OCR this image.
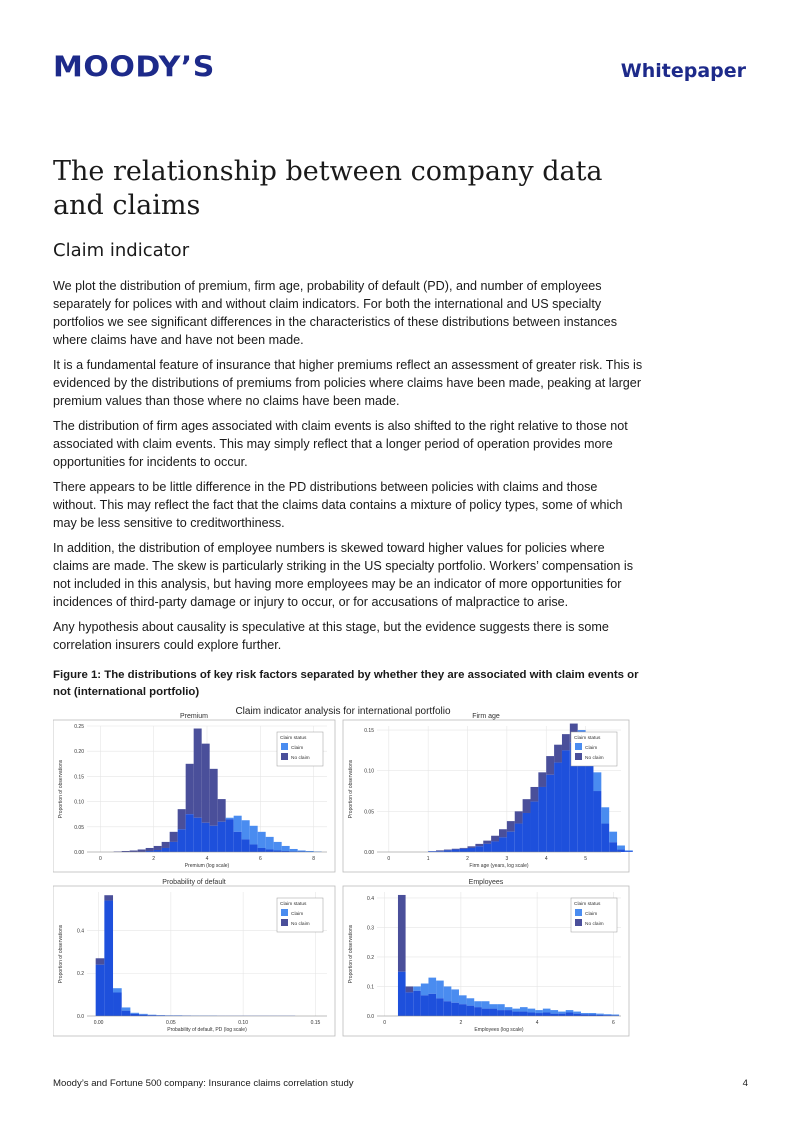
MOODY’S	Whitepaper
The relationship between company data and claims
Claim indicator

We plot the distribution of premium, firm age, probability of default (PD), and number of employees separately for polices with and without claim indicators. For both the international and US specialty portfolios we see significant differences in the characteristics of these distributions between instances where claims have and have not been made.

It is a fundamental feature of insurance that higher premiums reflect an assessment of greater risk. This is evidenced by the distributions of premiums from policies where claims have been made, peaking at larger premium values than those where no claims have been made.

The distribution of firm ages associated with claim events is also shifted to the right relative to those not associated with claim events. This may simply reflect that a longer period of operation provides more opportunities for incidents to occur.

There appears to be little difference in the PD distributions between policies with claims and those without. This may reflect the fact that the claims data contains a mixture of policy types, some of which may be less sensitive to creditworthiness.

In addition, the distribution of employee numbers is skewed toward higher values for policies where claims are made. The skew is particularly striking in the US specialty portfolio. Workers’ compensation is not included in this analysis, but having more employees may be an indicator of more opportunities for incidences of third-party damage or injury to occur, or for accusations of malpractice to arise.

Any hypothesis about causality is speculative at this stage, but the evidence suggests there is some correlation insurers could explore further.

Figure 1: The distributions of key risk factors separated by whether they are associated with claim events or not (international portfolio)

Claim indicator analysis for international portfolio
Premium
0.00
0.05
0.10
0.15
0.20
0.25
0	2	4	6	8
Premium (log scale)
Proportion of observations
Claim status
Claim
No claim
Firm age
0.00
0.05
0.10
0.15
0	1	2	3	4	5
Firm age (years, log scale)
Proportion of observations
Claim status
Claim
No claim
Probability of default
0.0
0.2
0.4
0.00	0.05	0.10	0.15
Probability of default, PD (log scale)
Proportion of observations
Claim status
Claim
No claim
Employees
0.0
0.1
0.2
0.3
0.4
0	2	4	6
Employees (log scale)
Proportion of observations
Claim status
Claim
No claim
Moody’s and Fortune 500 company: Insurance claims correlation study	4
